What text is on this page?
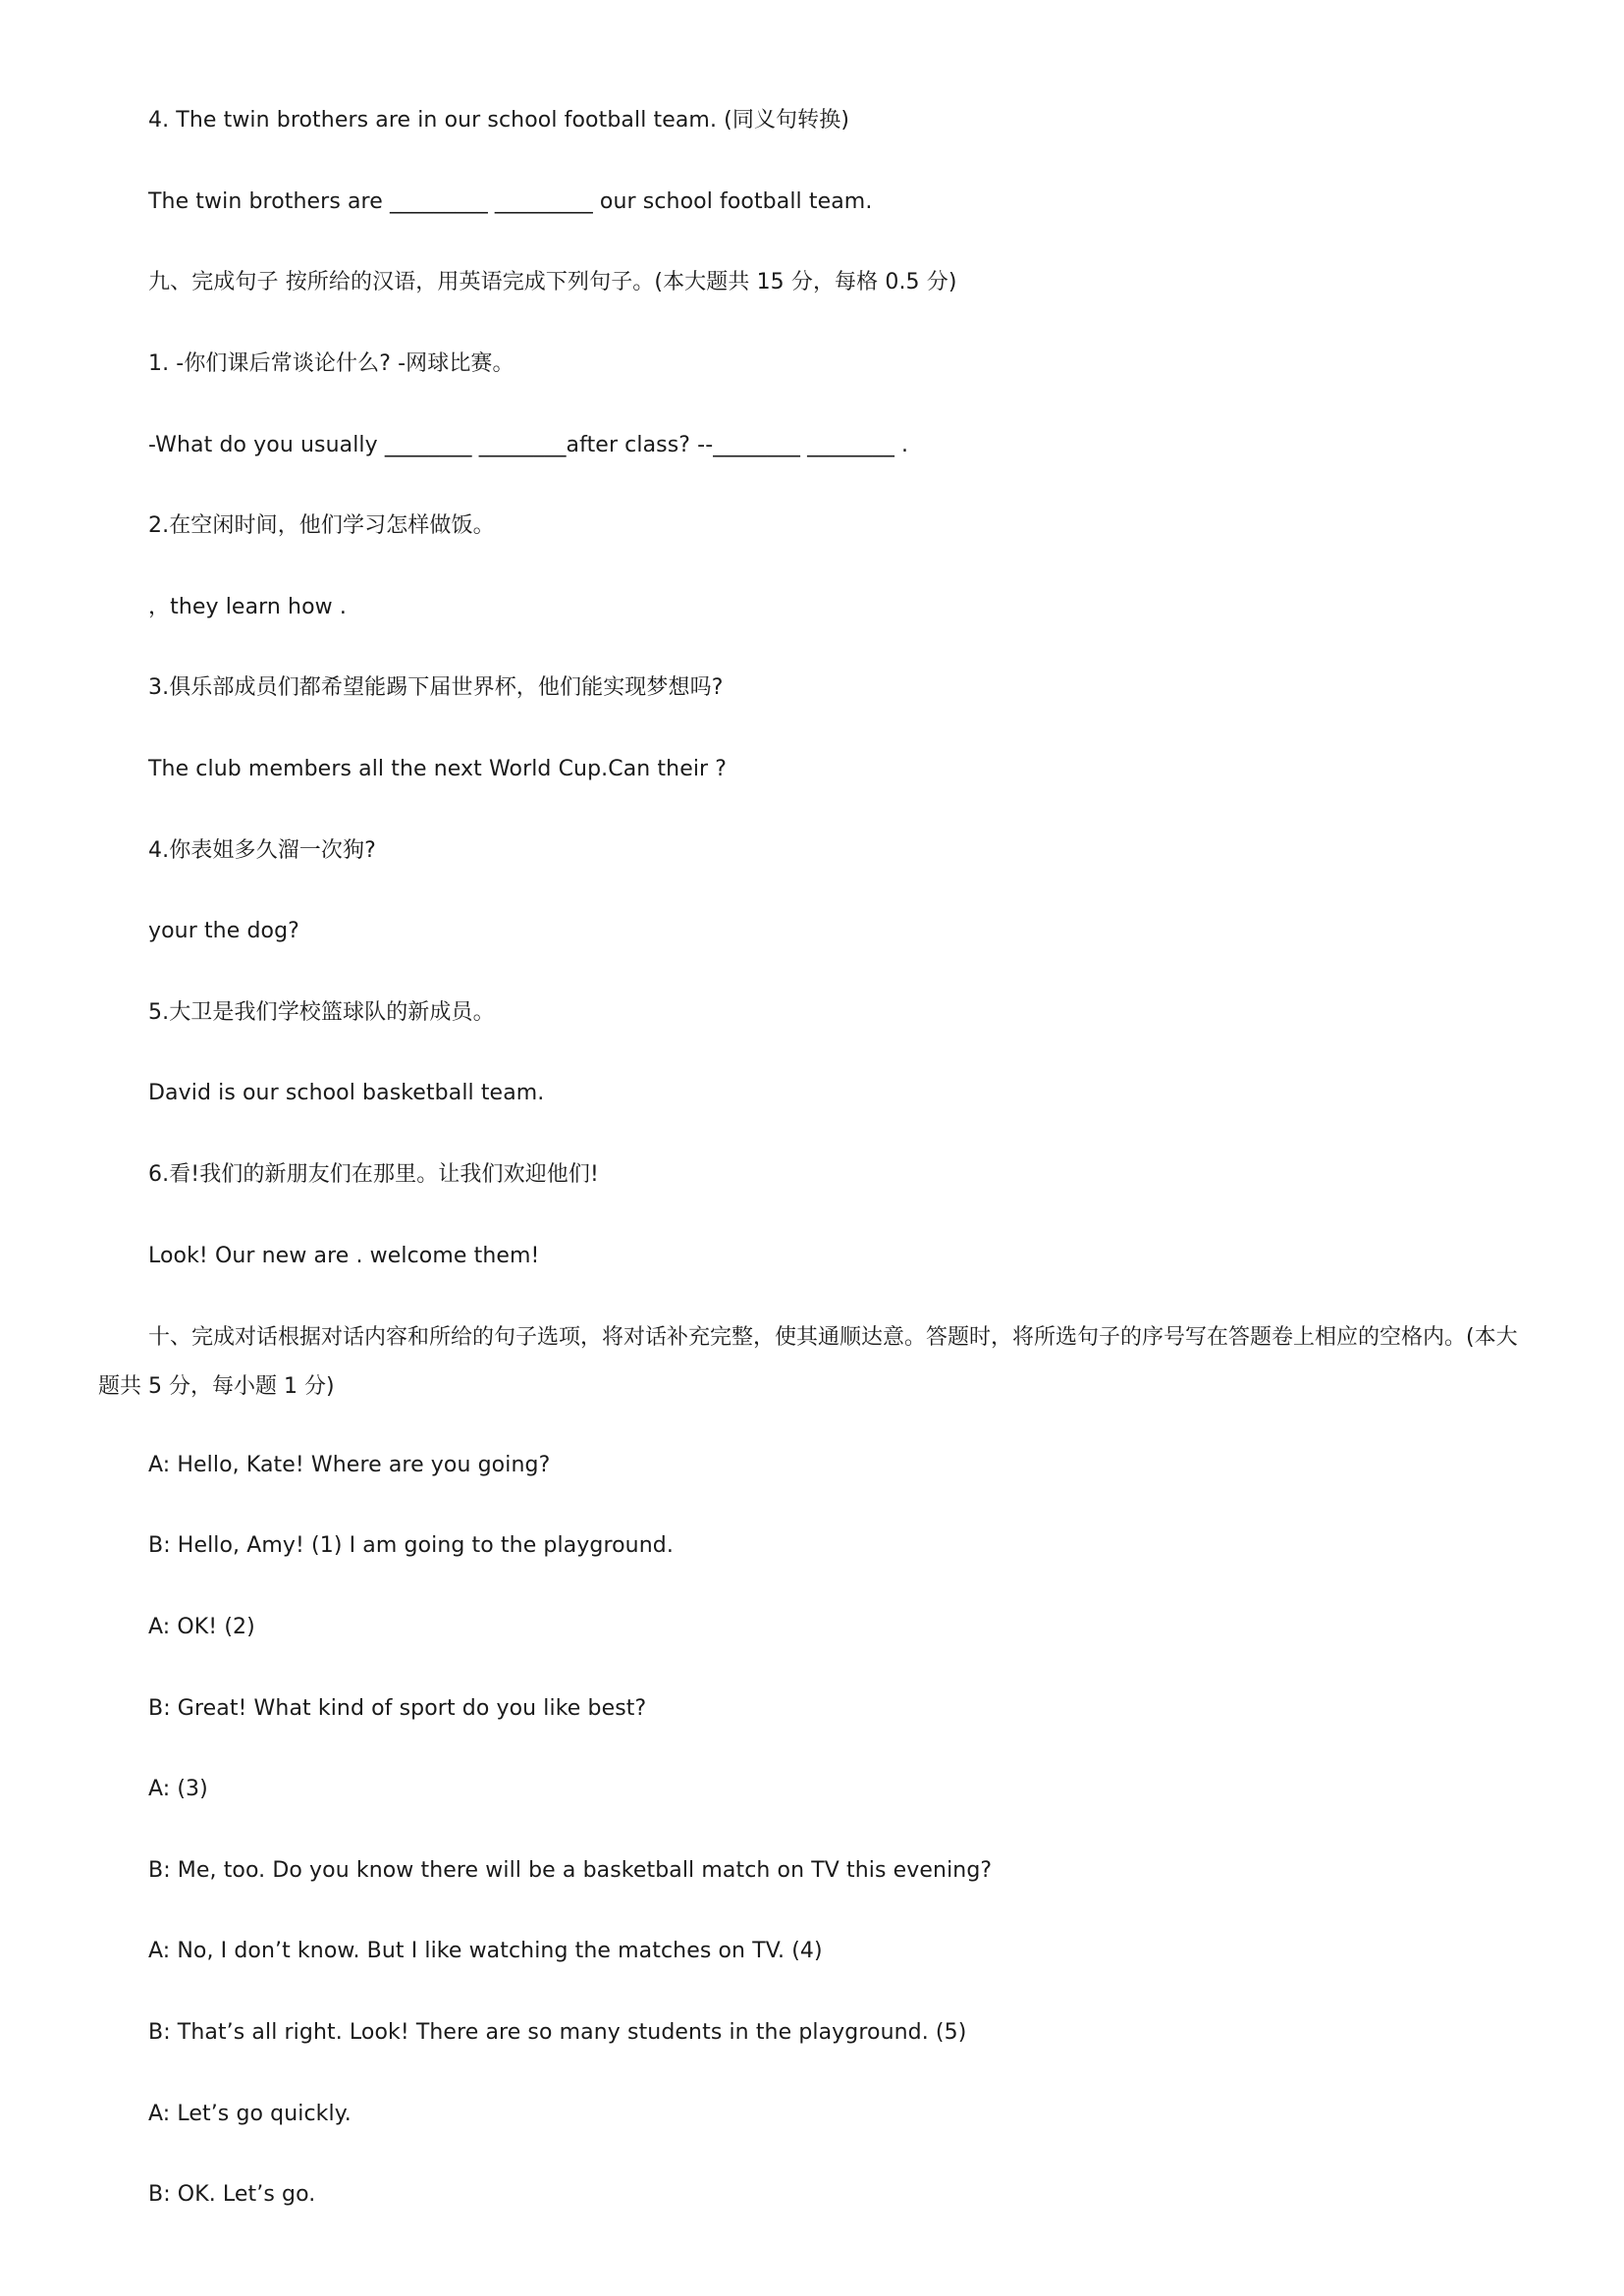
4. The twin brothers are in our school football team. (同义句转换)
The twin brothers are _________ _________ our school football team.
九、完成句子 按所给的汉语，用英语完成下列句子。(本大题共 15 分，每格 0.5 分)
1. -你们课后常谈论什么? -网球比赛。
-What do you usually ________ ________after class? --________ ________ .
2.在空闲时间，他们学习怎样做饭。
，they learn how .
3.俱乐部成员们都希望能踢下届世界杯，他们能实现梦想吗?
The club members all the next World Cup.Can their ?
4.你表姐多久溜一次狗?
your the dog?
5.大卫是我们学校篮球队的新成员。
David is our school basketball team.
6.看!我们的新朋友们在那里。让我们欢迎他们!
Look! Our new are . welcome them!
十、完成对话根据对话内容和所给的句子选项，将对话补充完整，使其通顺达意。答题时，将所选句子的序号写在答题卷上相应的空格内。(本大题共 5 分，每小题 1 分)
A: Hello, Kate! Where are you going?
B: Hello, Amy! (1) I am going to the playground.
A: OK! (2)
B: Great! What kind of sport do you like best?
A: (3)
B: Me, too. Do you know there will be a basketball match on TV this evening?
A: No, I don’t know. But I like watching the matches on TV. (4)
B: That’s all right. Look! There are so many students in the playground. (5)
A: Let’s go quickly.
B: OK. Let’s go.
